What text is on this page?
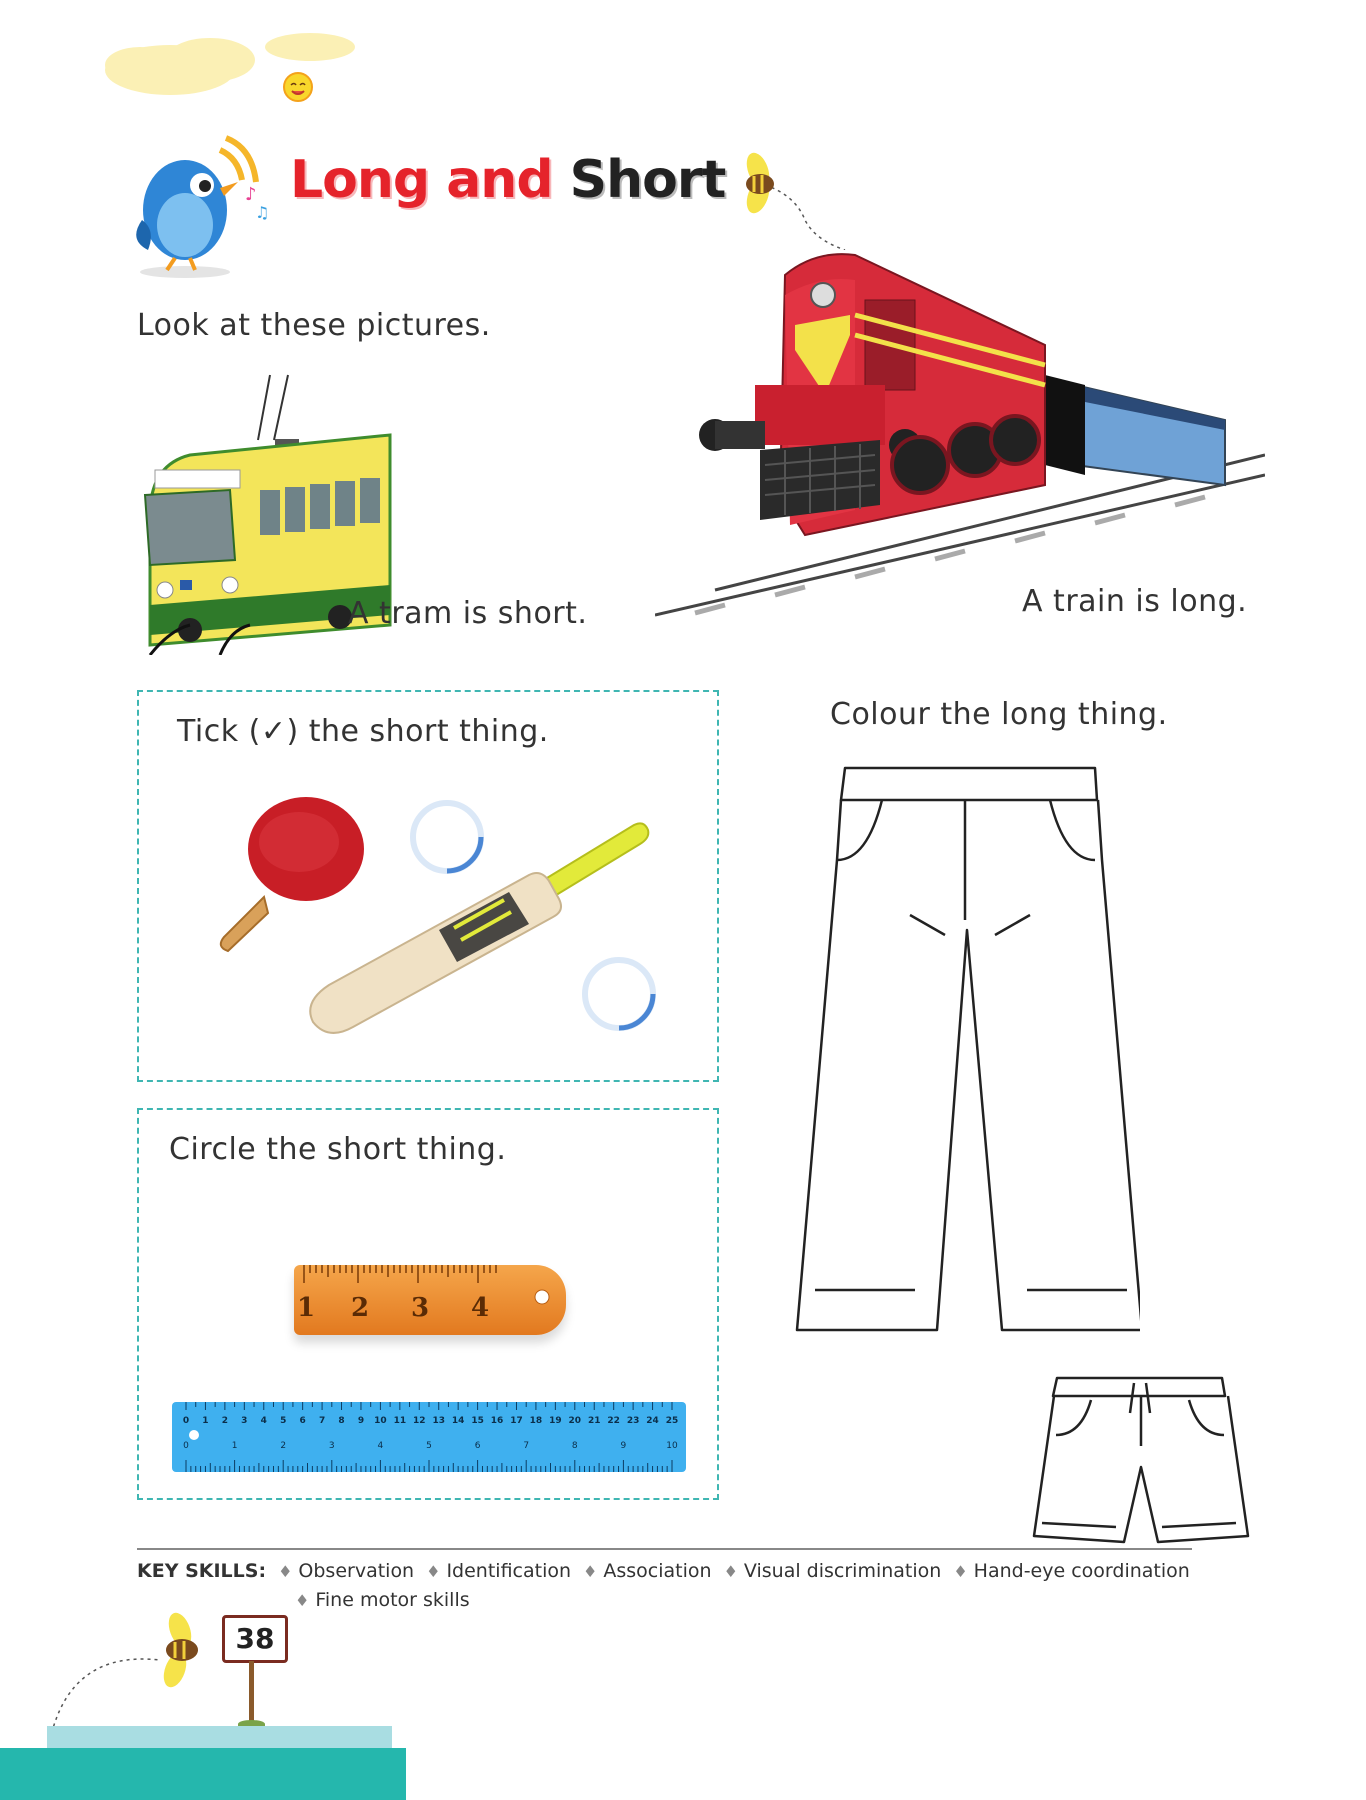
♪
♫
Long and Short
Look at these pictures.
A tram is short.	A train is long.
Tick (✓) the short thing.
Circle the short thing.
1 2 3 4
0 1 2 3 4 5 6 7 8 9 10 11 12 13 14 15 16 17 18 19 20 21 22 23 24 25
0	1	2	3	4	5	6	7	8	9	10
Colour the long thing.
KEY SKILLS: ♦ Observation ♦ Identification ♦ Association ♦ Visual discrimination ♦ Hand-eye coordination
♦ Fine motor skills
38
